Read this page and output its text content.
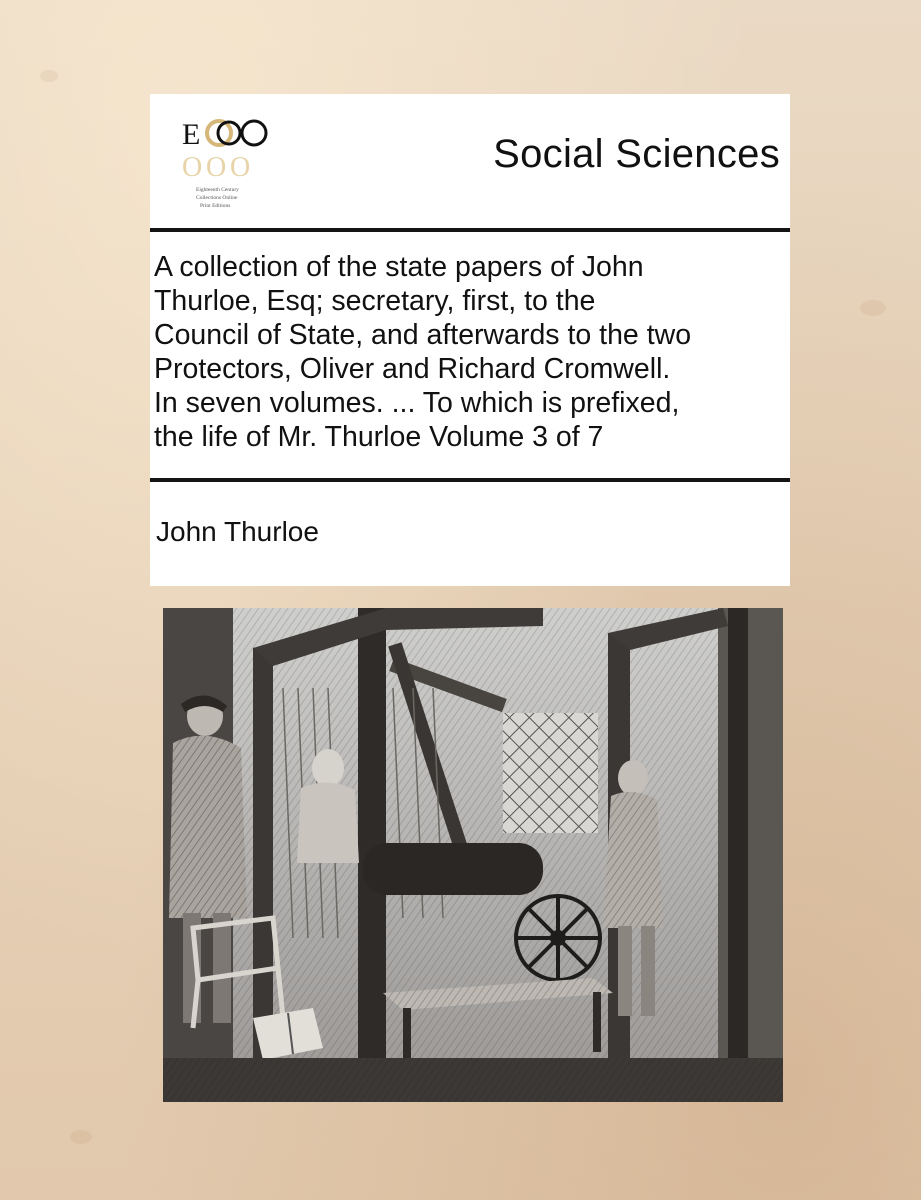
E
O O O
Eighteenth Century
Collections Online
Print Editions
Social Sciences

A collection of the state papers of John
Thurloe, Esq; secretary, first, to the
Council of State, and afterwards to the two
Protectors, Oliver and Richard Cromwell.
In seven volumes. ... To which is prefixed,
the life of Mr. Thurloe Volume 3 of 7

John Thurloe
